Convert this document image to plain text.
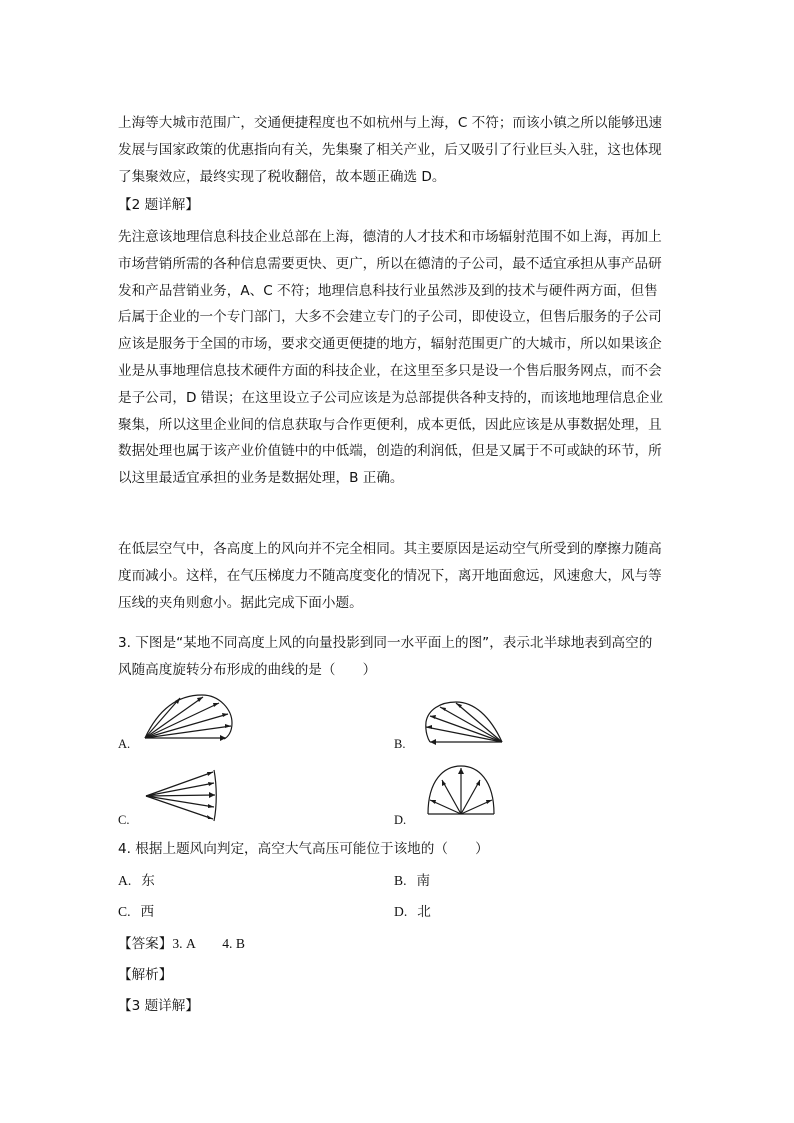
上海等大城市范围广，交通便捷程度也不如杭州与上海，C 不符；而该小镇之所以能够迅速
发展与国家政策的优惠指向有关，先集聚了相关产业，后又吸引了行业巨头入驻，这也体现
了集聚效应，最终实现了税收翻倍，故本题正确选 D。
【2 题详解】
先注意该地理信息科技企业总部在上海，德清的人才技术和市场辐射范围不如上海，再加上
市场营销所需的各种信息需要更快、更广，所以在德清的子公司，最不适宜承担从事产品研
发和产品营销业务，A、C 不符；地理信息科技行业虽然涉及到的技术与硬件两方面，但售
后属于企业的一个专门部门，大多不会建立专门的子公司，即使设立，但售后服务的子公司
应该是服务于全国的市场，要求交通更便捷的地方，辐射范围更广的大城市，所以如果该企
业是从事地理信息技术硬件方面的科技企业，在这里至多只是设一个售后服务网点，而不会
是子公司，D 错误；在这里设立子公司应该是为总部提供各种支持的，而该地地理信息企业
聚集，所以这里企业间的信息获取与合作更便利，成本更低，因此应该是从事数据处理，且
数据处理也属于该产业价值链中的中低端，创造的利润低，但是又属于不可或缺的环节，所
以这里最适宜承担的业务是数据处理，B 正确。
在低层空气中，各高度上的风向并不完全相同。其主要原因是运动空气所受到的摩擦力随高
度而减小。这样，在气压梯度力不随高度变化的情况下，离开地面愈远，风速愈大，风与等
压线的夹角则愈小。据此完成下面小题。
3. 下图是“某地不同高度上风的向量投影到同一水平面上的图”，表示北半球地表到高空的
风随高度旋转分布形成的曲线的是（　　）
A.	B.
C.	D.
4. 根据上题风向判定，高空大气高压可能位于该地的（　　）
A. 东	B. 南
C. 西	D. 北
【答案】3. A　　4. B
【解析】
【3 题详解】
